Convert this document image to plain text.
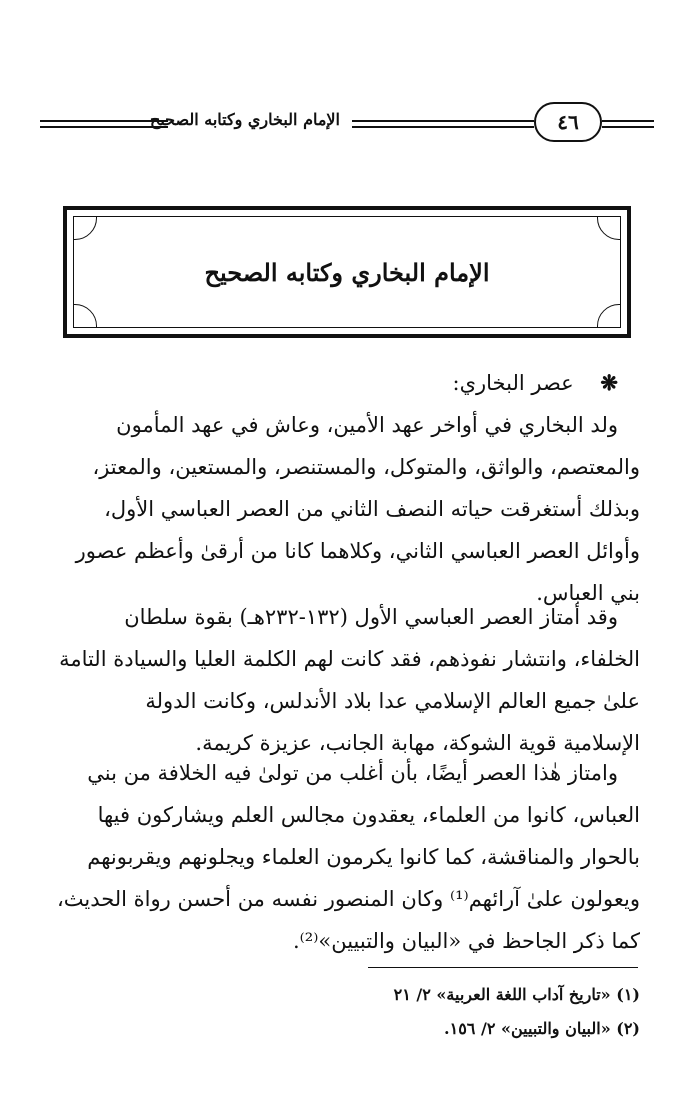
الإمام البخاري وكتابه الصحيح	٤٦
الإمام البخاري وكتابه الصحيح
❋    عصر البخاري:
ولد البخاري في أواخر عهد الأمين، وعاش في عهد المأمون
والمعتصم، والواثق، والمتوكل، والمستنصر، والمستعين، والمعتز،
وبذلك أستغرقت حياته النصف الثاني من العصر العباسي الأول،
وأوائل العصر العباسي الثاني، وكلاهما كانا من أرقىٰ وأعظم عصور
بني العباس.
وقد أمتاز العصر العباسي الأول (١٣٢-٢٣٢هـ) بقوة سلطان
الخلفاء، وانتشار نفوذهم، فقد كانت لهم الكلمة العليا والسيادة التامة
علىٰ جميع العالم الإسلامي عدا بلاد الأندلس، وكانت الدولة
الإسلامية قوية الشوكة، مهابة الجانب، عزيزة كريمة.
وامتاز هٰذا العصر أيضًا، بأن أغلب من تولىٰ فيه الخلافة من بني
العباس، كانوا من العلماء، يعقدون مجالس العلم ويشاركون فيها
بالحوار والمناقشة، كما كانوا يكرمون العلماء ويجلونهم ويقربونهم
ويعولون علىٰ آرائهم⁽¹⁾ وكان المنصور نفسه من أحسن رواة الحديث،
كما ذكر الجاحظ في «البيان والتبيين»⁽²⁾.
(١) «تاريخ آداب اللغة العربية» ٢/ ٢١
(٢) «البيان والتبيين» ٢/ ١٥٦.
